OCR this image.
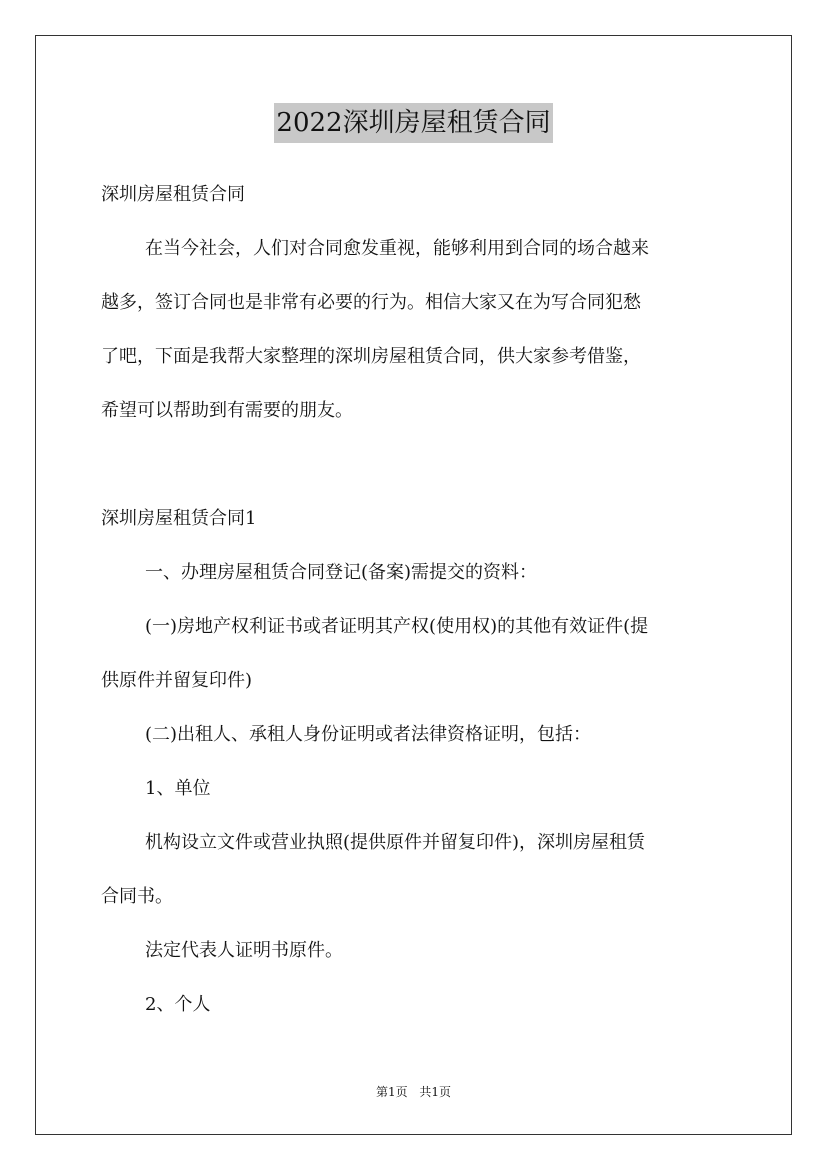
2022深圳房屋租赁合同
深圳房屋租赁合同
在当今社会，人们对合同愈发重视，能够利用到合同的场合越来
越多，签订合同也是非常有必要的行为。相信大家又在为写合同犯愁
了吧，下面是我帮大家整理的深圳房屋租赁合同，供大家参考借鉴，
希望可以帮助到有需要的朋友。
深圳房屋租赁合同1
一、办理房屋租赁合同登记(备案)需提交的资料：
(一)房地产权利证书或者证明其产权(使用权)的其他有效证件(提
供原件并留复印件)
(二)出租人、承租人身份证明或者法律资格证明，包括：
1、单位
机构设立文件或营业执照(提供原件并留复印件)，深圳房屋租赁
合同书。
法定代表人证明书原件。
2、个人
第1页 共1页
